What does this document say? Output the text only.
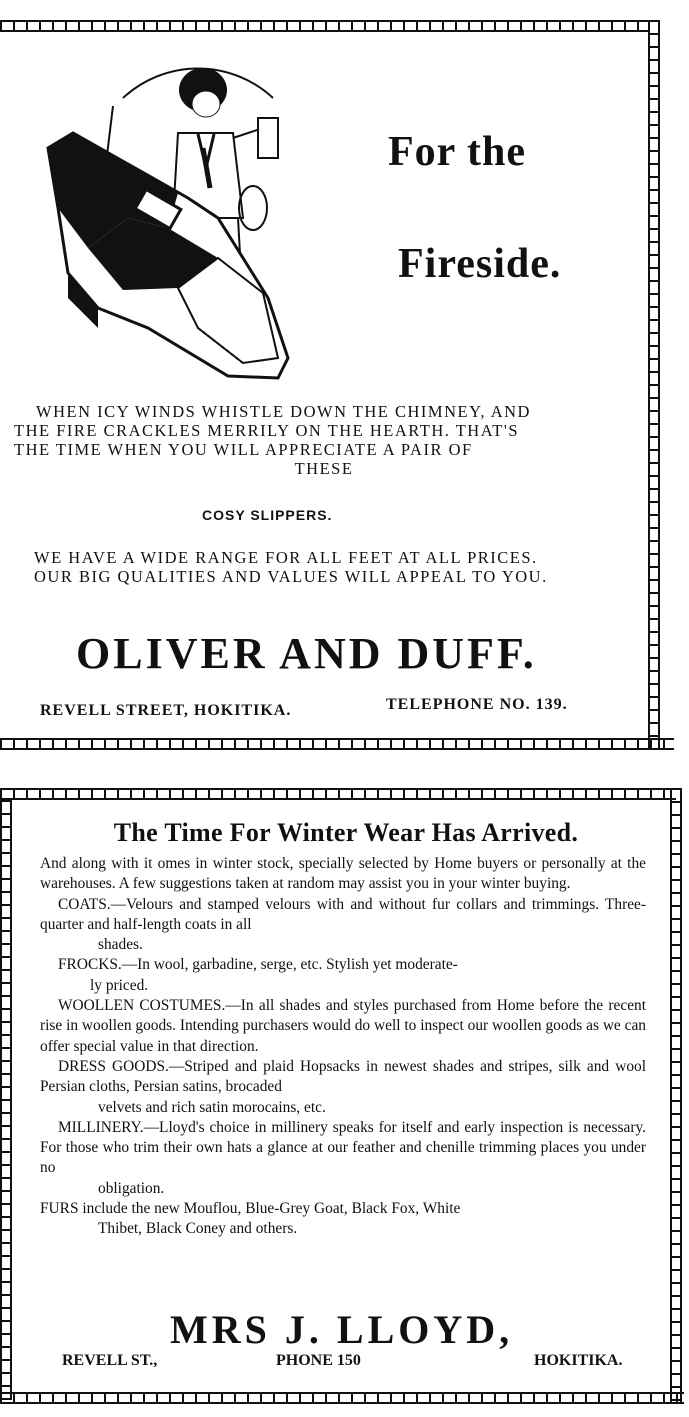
For the
Fireside.
WHEN ICY WINDS WHISTLE DOWN THE CHIMNEY, AND
THE FIRE CRACKLES MERRILY ON THE HEARTH. THAT'S
THE TIME WHEN YOU WILL APPRECIATE A PAIR OF
THESE
COSY SLIPPERS.
WE HAVE A WIDE RANGE FOR ALL FEET AT ALL PRICES.
OUR BIG QUALITIES AND VALUES WILL APPEAL TO YOU.
OLIVER AND DUFF.
REVELL STREET, HOKITIKA.	TELEPHONE NO. 139.
The Time For Winter Wear Has Arrived.

And along with it omes in winter stock, specially selected by Home buyers or personally at the warehouses. A few suggestions taken at random may assist you in your winter buying.

COATS.—Velours and stamped velours with and without fur collars and trimmings. Three-quarter and half-length coats in all

shades.

FROCKS.—In wool, garbadine, serge, etc. Stylish yet moderate-

ly priced.

WOOLLEN COSTUMES.—In all shades and styles purchased from Home before the recent rise in woollen goods. Intending purchasers would do well to inspect our woollen goods as we can offer special value in that direction.

DRESS GOODS.—Striped and plaid Hopsacks in newest shades and stripes, silk and wool Persian cloths, Persian satins, brocaded

velvets and rich satin morocains, etc.

MILLINERY.—Lloyd's choice in millinery speaks for itself and early inspection is necessary. For those who trim their own hats a glance at our feather and chenille trimming places you under no

obligation.

FURS include the new Mouflou, Blue-Grey Goat, Black Fox, White

Thibet, Black Coney and others.

MRS J. LLOYD,
REVELL ST.,	PHONE 150	HOKITIKA.
